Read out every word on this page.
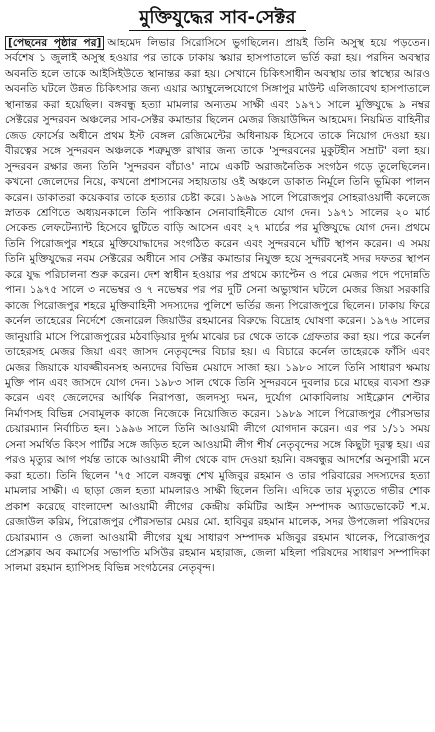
মুক্তিযুদ্ধের সাব-সেক্টর

[পেছনের পৃষ্ঠার পর] আহমেদ লিভার সিরোসিসে ভুগছিলেন। প্রায়ই তিনি অসুস্থ হয়ে পড়তেন। সর্বশেষ ১ জুলাই অসুস্থ হওয়ার পর তাকে ঢাকায় স্কয়ার হাসপাতালে ভর্তি করা হয়। পরদিন অবস্থার অবনতি হলে তাকে আইসিইউতে স্থানান্তর করা হয়। সেখানে চিকিৎসাধীন অবস্থায় তার স্বাস্থ্যের আরও অবনতি ঘটলে উন্নত চিকিৎসার জন্য এয়ার অ্যাম্বুলেন্সযোগে সিঙ্গাপুর মাউন্ট এলিজাবেথ হাসপাতালে স্থানান্তর করা হয়েছিল। বঙ্গবন্ধু হত্যা মামলার অন্যতম সাক্ষী এবং ১৯৭১ সালে মুক্তিযুদ্ধে ৯ নম্বর সেক্টরের সুন্দরবন অঞ্চলের সাব-সেক্টর কমান্ডার ছিলেন মেজর জিয়াউদ্দিন আহমেদ। নিয়মিত বাহিনীর জেড ফোর্সের অধীনে প্রথম ইস্ট বেঙ্গল রেজিমেন্টের অধিনায়ক হিসেবে তাকে নিয়োগ দেওয়া হয়। বীরত্বের সঙ্গে সুন্দরবন অঞ্চলকে শত্রুমুক্ত রাখার জন্য তাকে 'সুন্দরবনের মুকুটহীন সম্রাট' বলা হয়। সুন্দরবন রক্ষার জন্য তিনি 'সুন্দরবন বাঁচাও' নামে একটি অরাজনৈতিক সংগঠন গড়ে তুলেছিলেন। কখনো জেলেদের নিয়ে, কখনো প্রশাসনের সহায়তায় ওই অঞ্চলে ডাকাত নির্মূলে তিনি ভূমিকা পালন করেন। ডাকাতরা কয়েকবার তাকে হত্যার চেষ্টা করে। ১৯৬৯ সালে পিরোজপুর সোহরাওয়ার্দী কলেজে স্নাতক শ্রেণিতে অধ্যয়নকালে তিনি পাকিস্তান সেনাবাহিনীতে যোগ দেন। ১৯৭১ সালের ২০ মার্চ সেকেন্ড লেফটেন্যান্ট হিসেবে ছুটিতে বাড়ি আসেন এবং ২৭ মার্চের পর মুক্তিযুদ্ধে যোগ দেন। প্রথমে তিনি পিরোজপুর শহরে মুক্তিযোদ্ধাদের সংগঠিত করেন এবং সুন্দরবনে ঘাঁটি স্থাপন করেন। এ সময় তিনি মুক্তিযুদ্ধের নবম সেক্টরের অধীনে সাব সেক্টর কমান্ডার নিযুক্ত হয়ে সুন্দরবনেই সদর দফতর স্থাপন করে যুদ্ধ পরিচালনা শুরু করেন। দেশ স্বাধীন হওয়ার পর প্রথমে ক্যাপ্টেন ও পরে মেজর পদে পদোন্নতি পান। ১৯৭৫ সালে ৩ নভেম্বর ও ৭ নভেম্বর পর পর দুটি সেনা অভ্যুত্থান ঘটলে মেজর জিয়া সরকারি কাজে পিরোজপুর শহরে মুক্তিবাহিনী সদস্যদের পুলিশে ভর্তির জন্য পিরোজপুরে ছিলেন। ঢাকায় ফিরে কর্নেল তাহেরের নির্দেশে জেনারেল জিয়াউর রহমানের বিরুদ্ধে বিদ্রোহ ঘোষণা করেন। ১৯৭৬ সালের জানুয়ারি মাসে পিরোজপুরের মঠবাড়িয়ার দুর্গম মাঝের চর থেকে তাকে গ্রেফতার করা হয়। পরে কর্নেল তাহেরসহ মেজর জিয়া এবং জাসদ নেতৃবৃন্দের বিচার হয়। এ বিচারে কর্নেল তাহেরকে ফাঁসি এবং মেজর জিয়াকে যাবজ্জীবনসহ অন্যদের বিভিন্ন মেয়াদে সাজা হয়। ১৯৮০ সালে তিনি সাধারণ ক্ষমায় মুক্তি পান এবং জাসদে যোগ দেন। ১৯৮৩ সাল থেকে তিনি সুন্দরবনে দুবলার চরে মাছের ব্যবসা শুরু করেন এবং জেলেদের আর্থিক নিরাপত্তা, জলদস্যু দমন, দুর্যোগ মোকাবিলায় সাইক্লোন শেল্টার নির্মাণসহ বিভিন্ন সেবামূলক কাজে নিজেকে নিয়োজিত করেন। ১৯৮৯ সালে পিরোজপুর পৌরসভার চেয়ারম্যান নির্বাচিত হন। ১৯৯৬ সালে তিনি আওয়ামী লীগে যোগদান করেন। এর পর ১/১১ সময় সেনা সমর্থিত কিংস পার্টির সঙ্গে জড়িত হলে আওয়ামী লীগ শীর্ষ নেতৃবৃন্দের সঙ্গে কিছুটা দূরত্ব হয়। এর পরও মৃত্যুর আগ পর্যন্ত তাকে আওয়ামী লীগ থেকে বাদ দেওয়া হয়নি। বঙ্গবন্ধুর আদর্শের অনুসারী মনে করা হতো। তিনি ছিলেন '৭৫ সালে বঙ্গবন্ধু শেখ মুজিবুর রহমান ও তার পরিবারের সদস্যদের হত্যা মামলার সাক্ষী। এ ছাড়া জেল হত্যা মামলারও সাক্ষী ছিলেন তিনি। এদিকে তার মৃত্যুতে গভীর শোক প্রকাশ করেছে বাংলাদেশ আওয়ামী লীগের কেন্দ্রীয় কমিটির আইন সম্পাদক অ্যাডভোকেট শ.ম. রেজাউল করিম, পিরোজপুর পৌরসভার মেয়র মো. হাবিবুর রহমান মালেক, সদর উপজেলা পরিষদের চেয়ারম্যান ও জেলা আওয়ামী লীগের যুগ্ম সাধারণ সম্পাদক মজিবুর রহমান খালেক, পিরোজপুর প্রেসক্লাব অব কমার্সের সভাপতি মসিউর রহমান মহারাজ, জেলা মহিলা পরিষদের সাধারণ সম্পাদিকা সালমা রহমান হ্যাপিসহ বিভিন্ন সংগঠনের নেতৃবৃন্দ।
